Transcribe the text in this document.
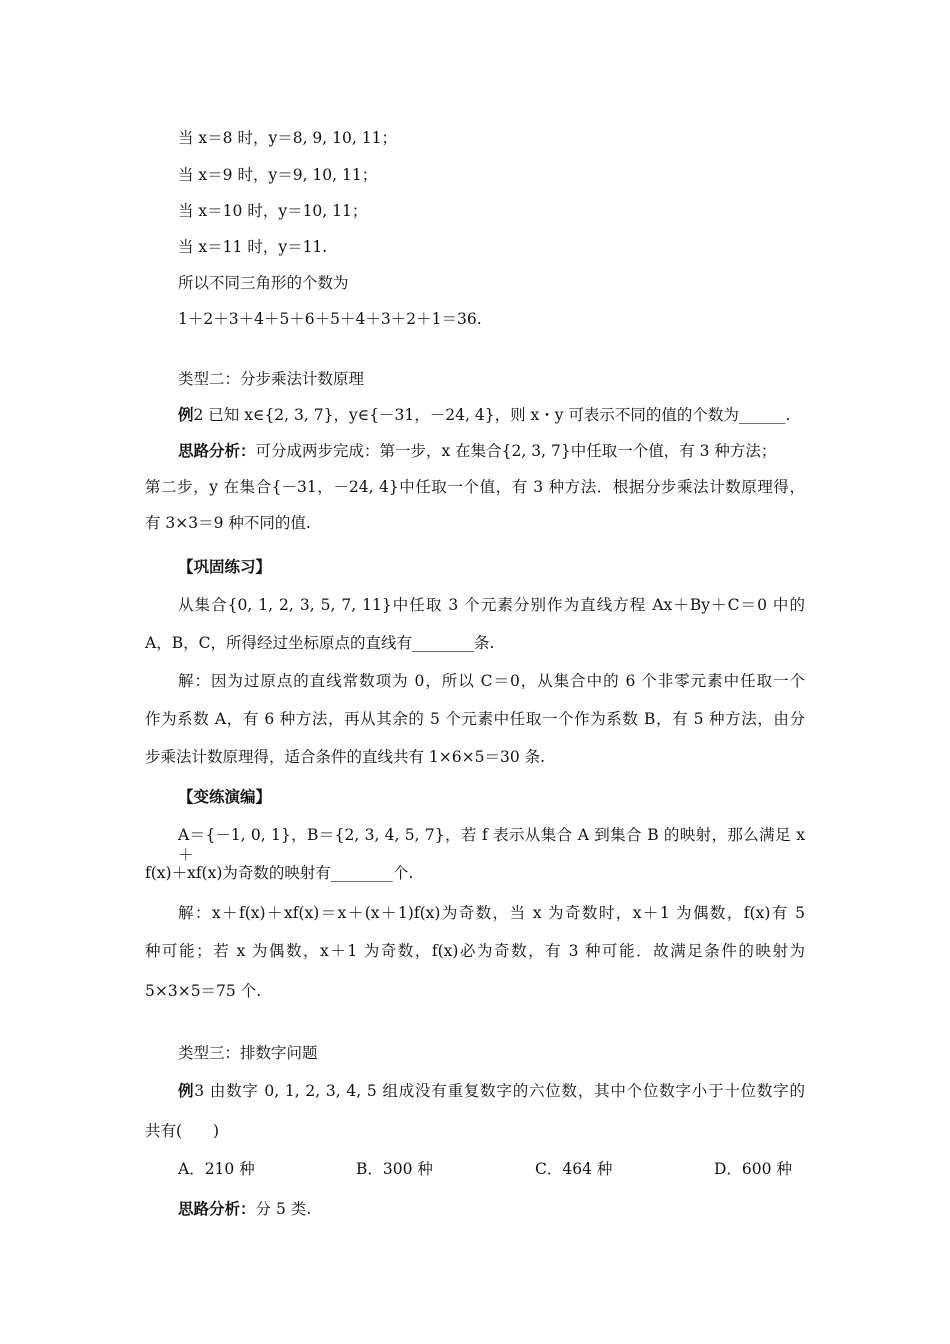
当 x＝8 时，y＝8, 9, 10, 11；
当 x＝9 时，y＝9, 10, 11；
当 x＝10 时，y＝10, 11；
当 x＝11 时，y＝11.
所以不同三角形的个数为
1＋2＋3＋4＋5＋6＋5＋4＋3＋2＋1＝36.
类型二：分步乘法计数原理
例2 已知 x∈{2, 3, 7}，y∈{－31，－24, 4}，则 x・y 可表示不同的值的个数为______.
思路分析：可分成两步完成：第一步，x 在集合{2, 3, 7}中任取一个值，有 3 种方法；
第二步，y 在集合{－31，－24, 4}中任取一个值，有 3 种方法．根据分步乘法计数原理得，
有 3×3＝9 种不同的值.
【巩固练习】
从集合{0, 1, 2, 3, 5, 7, 11}中任取 3 个元素分别作为直线方程 Ax＋By＋C＝0 中的
A，B，C，所得经过坐标原点的直线有________条.
解：因为过原点的直线常数项为 0，所以 C＝0，从集合中的 6 个非零元素中任取一个
作为系数 A，有 6 种方法，再从其余的 5 个元素中任取一个作为系数 B，有 5 种方法，由分
步乘法计数原理得，适合条件的直线共有 1×6×5＝30 条.
【变练演编】
A＝{－1, 0, 1}，B＝{2, 3, 4, 5, 7}，若 f 表示从集合 A 到集合 B 的映射，那么满足 x＋
f(x)＋xf(x)为奇数的映射有________个.
解：x＋f(x)＋xf(x)＝x＋(x＋1)f(x)为奇数，当 x 为奇数时，x＋1 为偶数，f(x)有 5
种可能；若 x 为偶数，x＋1 为奇数，f(x)必为奇数，有 3 种可能．故满足条件的映射为
5×3×5＝75 个.
类型三：排数字问题
例3 由数字 0, 1, 2, 3, 4, 5 组成没有重复数字的六位数，其中个位数字小于十位数字的
共有(　　)
A．210 种	B．300 种	C．464 种	D．600 种
思路分析：分 5 类.
